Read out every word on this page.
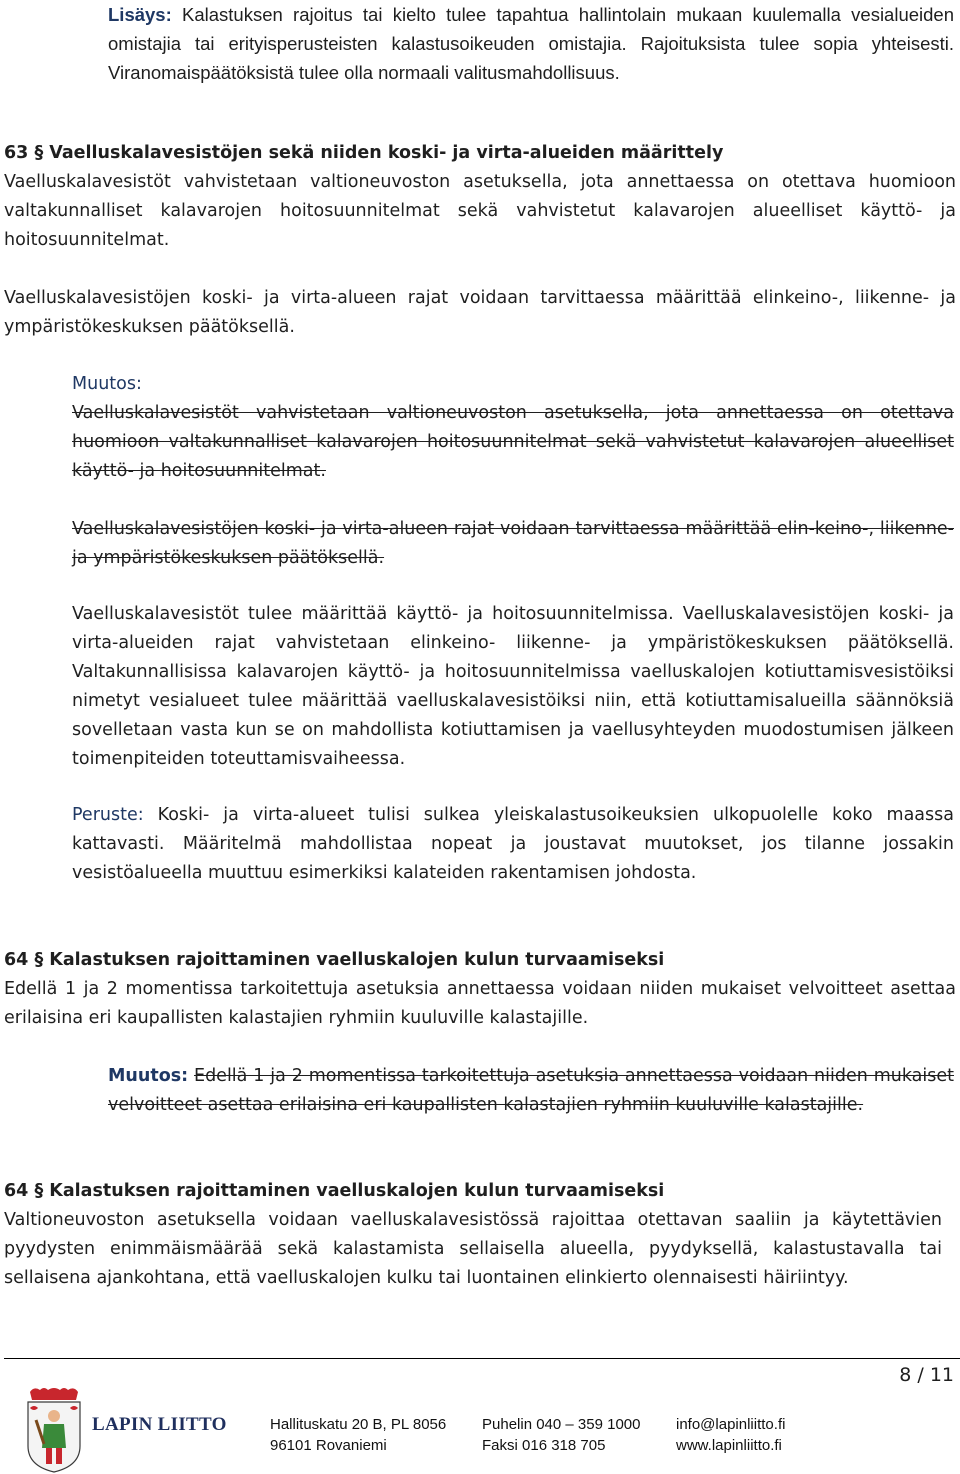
Lisäys: Kalastuksen rajoitus tai kielto tulee tapahtua hallintolain mukaan kuulemalla vesialueiden omistajia tai erityisperusteisten kalastusoikeuden omistajia. Rajoituksista tulee sopia yhteisesti. Viranomaispäätöksistä tulee olla normaali valitusmahdollisuus.
63 § Vaelluskalavesistöjen sekä niiden koski- ja virta-alueiden määrittely
Vaelluskalavesistöt vahvistetaan valtioneuvoston asetuksella, jota annettaessa on otettava huomioon valtakunnalliset kalavarojen hoitosuunnitelmat sekä vahvistetut kalavarojen alueelliset käyttö- ja hoitosuunnitelmat.
Vaelluskalavesistöjen koski- ja virta-alueen rajat voidaan tarvittaessa määrittää elinkeino-, liikenne- ja ympäristökeskuksen päätöksellä.
Muutos:
Vaelluskalavesistöt vahvistetaan valtioneuvoston asetuksella, jota annettaessa on otettava huomioon valtakunnalliset kalavarojen hoitosuunnitelmat sekä vahvistetut kalavarojen alueelliset käyttö- ja hoitosuunnitelmat.
Vaelluskalavesistöjen koski- ja virta-alueen rajat voidaan tarvittaessa määrittää elin-keino-, liikenne- ja ympäristökeskuksen päätöksellä.
Vaelluskalavesistöt tulee määrittää käyttö- ja hoitosuunnitelmissa. Vaelluskalavesistöjen koski- ja virta-alueiden rajat vahvistetaan elinkeino- liikenne- ja ympäristökeskuksen päätöksellä. Valtakunnallisissa kalavarojen käyttö- ja hoitosuunnitelmissa vaelluskalojen kotiuttamisvesistöiksi nimetyt vesialueet tulee määrittää vaelluskalavesistöiksi niin, että kotiuttamisalueilla säännöksiä sovelletaan vasta kun se on mahdollista kotiuttamisen ja vaellusyhteyden muodostumisen jälkeen toimenpiteiden toteuttamisvaiheessa.
Peruste: Koski- ja virta-alueet tulisi sulkea yleiskalastusoikeuksien ulkopuolelle koko maassa kattavasti. Määritelmä mahdollistaa nopeat ja joustavat muutokset, jos tilanne jossakin vesistöalueella muuttuu esimerkiksi kalateiden rakentamisen johdosta.
64 § Kalastuksen rajoittaminen vaelluskalojen kulun turvaamiseksi
Edellä 1 ja 2 momentissa tarkoitettuja asetuksia annettaessa voidaan niiden mukaiset velvoitteet asettaa erilaisina eri kaupallisten kalastajien ryhmiin kuuluville kalastajille.
Muutos: Edellä 1 ja 2 momentissa tarkoitettuja asetuksia annettaessa voidaan niiden mukaiset velvoitteet asettaa erilaisina eri kaupallisten kalastajien ryhmiin kuuluville kalastajille.
64 § Kalastuksen rajoittaminen vaelluskalojen kulun turvaamiseksi
Valtioneuvoston asetuksella voidaan vaelluskalavesistössä rajoittaa otettavan saaliin ja käytettävien pyydysten enimmäismäärää sekä kalastamista sellaisella alueella, pyydyksellä, kalastustavalla tai sellaisena ajankohtana, että vaelluskalojen kulku tai luontainen elinkierto olennaisesti häiriintyy.
8 / 11
LAPIN LIITTO	Hallituskatu 20 B, PL 8056
96101 Rovaniemi
Puhelin 040 – 359 1000
Faksi 016 318 705
info@lapinliitto.fi
www.lapinliitto.fi
